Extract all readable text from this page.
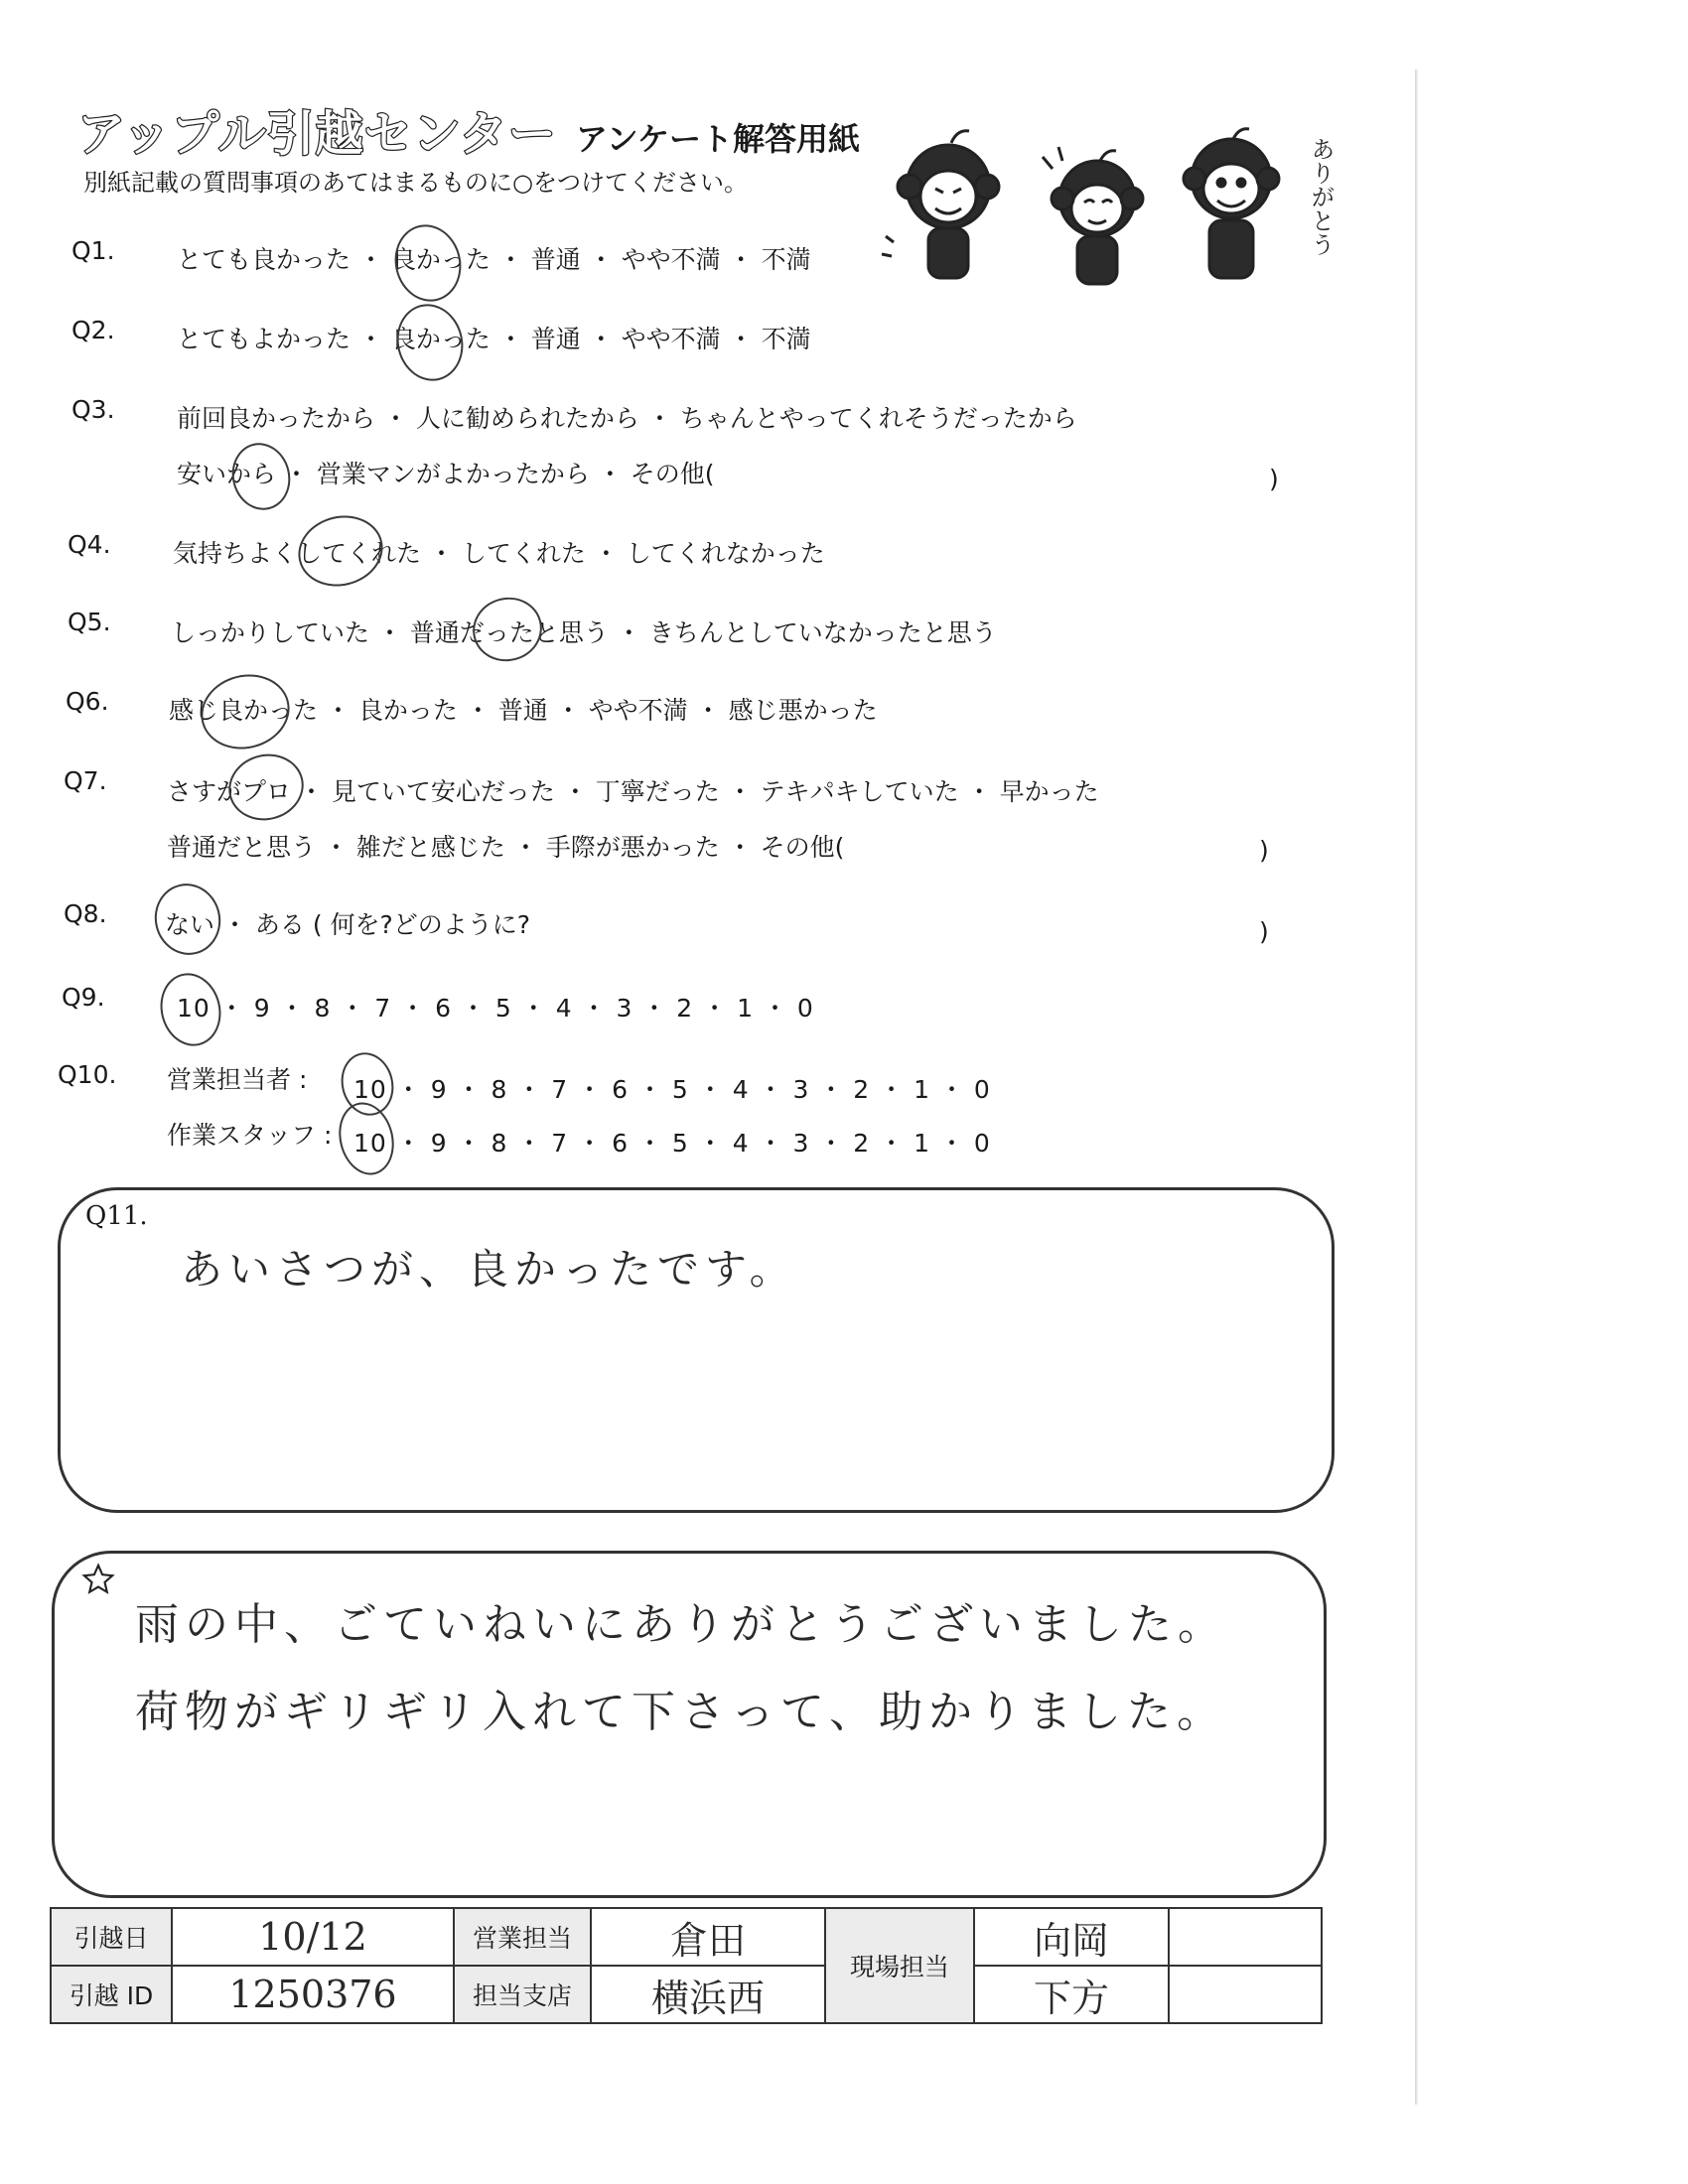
アップル引越センター アンケート解答用紙
別紙記載の質問事項のあてはまるものに○をつけてください。	ありがとう
Q1. とても良かった ・ 良かった ・ 普通 ・ やや不満 ・ 不満
Q2. とてもよかった ・ 良かった ・ 普通 ・ やや不満 ・ 不満
Q3. 前回良かったから ・ 人に勧められたから ・ ちゃんとやってくれそうだったから
安いから ・ 営業マンがよかったから ・ その他(	)
Q4. 気持ちよくしてくれた ・ してくれた ・ してくれなかった
Q5. しっかりしていた ・ 普通だったと思う ・ きちんとしていなかったと思う
Q6. 感じ良かった ・ 良かった ・ 普通 ・ やや不満 ・ 感じ悪かった
Q7. さすがプロ ・ 見ていて安心だった ・ 丁寧だった ・ テキパキしていた ・ 早かった
普通だと思う ・ 雑だと感じた ・ 手際が悪かった ・ その他(	)
Q8. ない ・ ある ( 何を?どのように?	)
Q9.	10 ・ 9 ・ 8 ・ 7 ・ 6 ・ 5 ・ 4 ・ 3 ・ 2 ・ 1 ・ 0
Q10. 営業担当者 : 10 ・ 9 ・ 8 ・ 7 ・ 6 ・ 5 ・ 4 ・ 3 ・ 2 ・ 1 ・ 0
作業スタッフ : 10 ・ 9 ・ 8 ・ 7 ・ 6 ・ 5 ・ 4 ・ 3 ・ 2 ・ 1 ・ 0
Q11.
あいさつが、良かったです。
雨の中、ごていねいにありがとうございました。
荷物がギリギリ入れて下さって、助かりました。
引越日	10/12	営業担当	倉田	現場担当	向岡	
引越 ID	1250376	担当支店	横浜西		下方	
